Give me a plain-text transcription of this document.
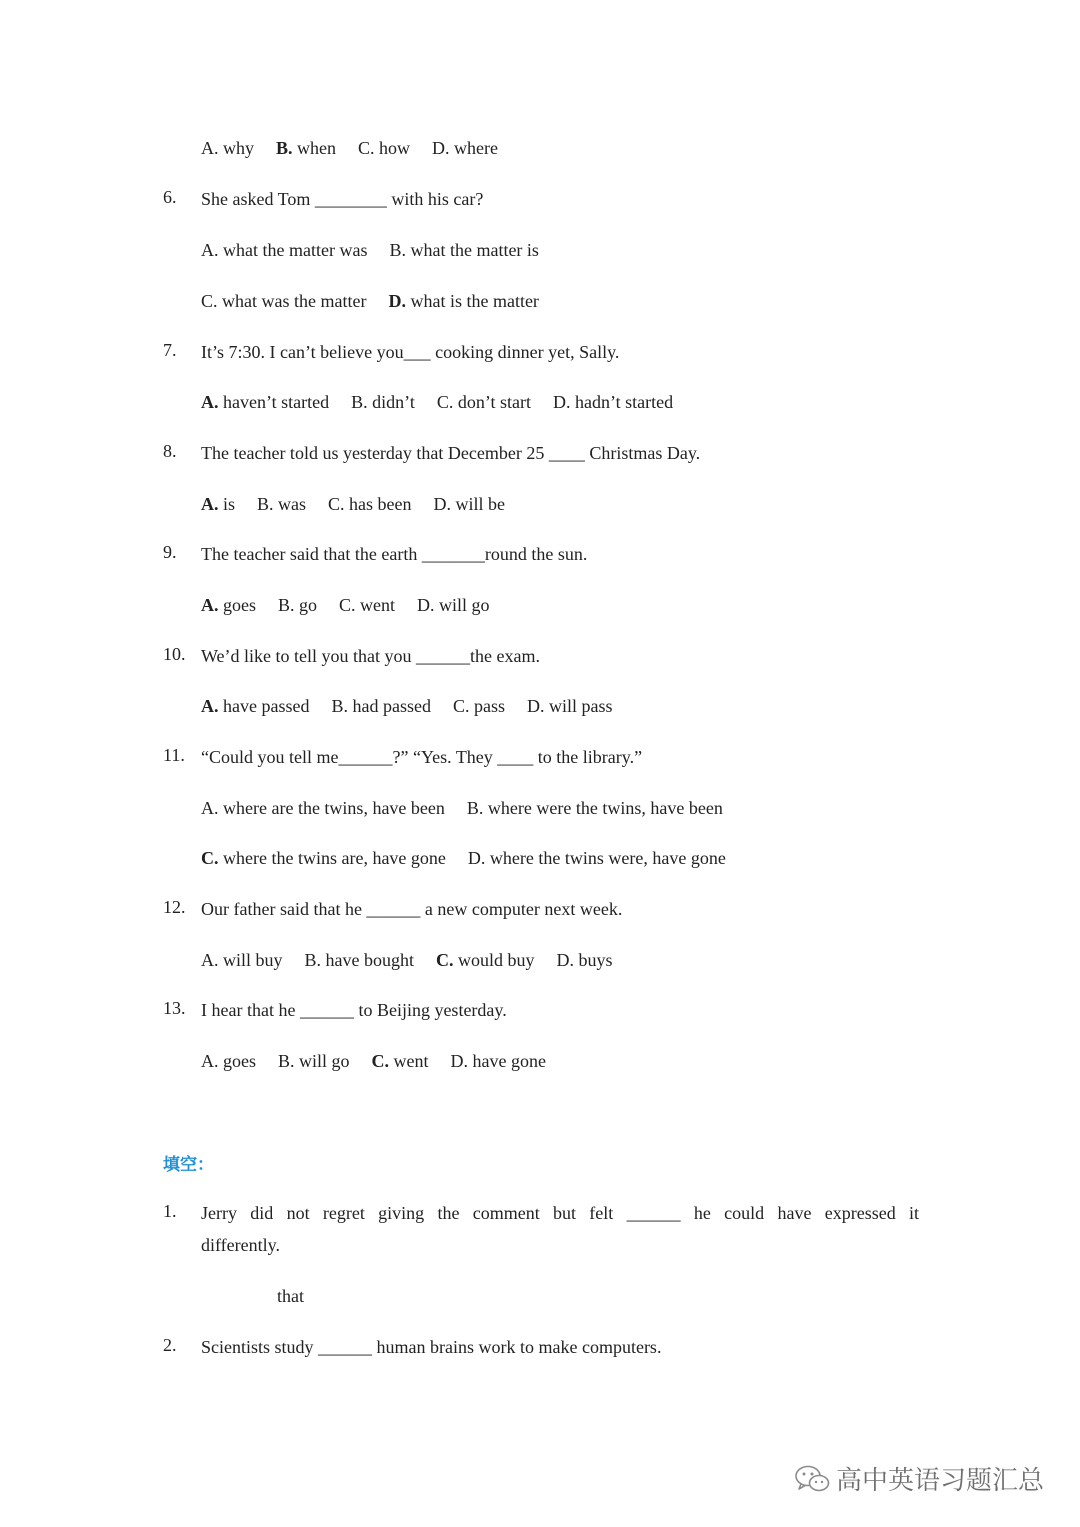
A. why B. when C. how D. where
6. She asked Tom ________ with his car?
A. what the matter was B. what the matter is
C. what was the matter D. what is the matter
7. It’s 7:30. I can’t believe you___ cooking dinner yet, Sally.
A. haven’t started B. didn’t C. don’t start D. hadn’t started
8. The teacher told us yesterday that December 25 ____ Christmas Day.
A. is B. was C. has been D. will be
9. The teacher said that the earth _______round the sun.
A. goes B. go C. went D. will go
10. We’d like to tell you that you ______the exam.
A. have passed B. had passed C. pass D. will pass
11. “Could you tell me______?” “Yes. They ____ to the library.”
A. where are the twins, have been B. where were the twins, have been
C. where the twins are, have gone D. where the twins were, have gone
12. Our father said that he ______ a new computer next week.
A. will buy B. have bought C. would buy D. buys
13. I hear that he ______ to Beijing yesterday.
A. goes B. will go C. went D. have gone
填空：
1. Jerry did not regret giving the comment but felt ______ he could have expressed it
differently.
that
2. Scientists study ______ human brains work to make computers.
高中英语习题汇总
